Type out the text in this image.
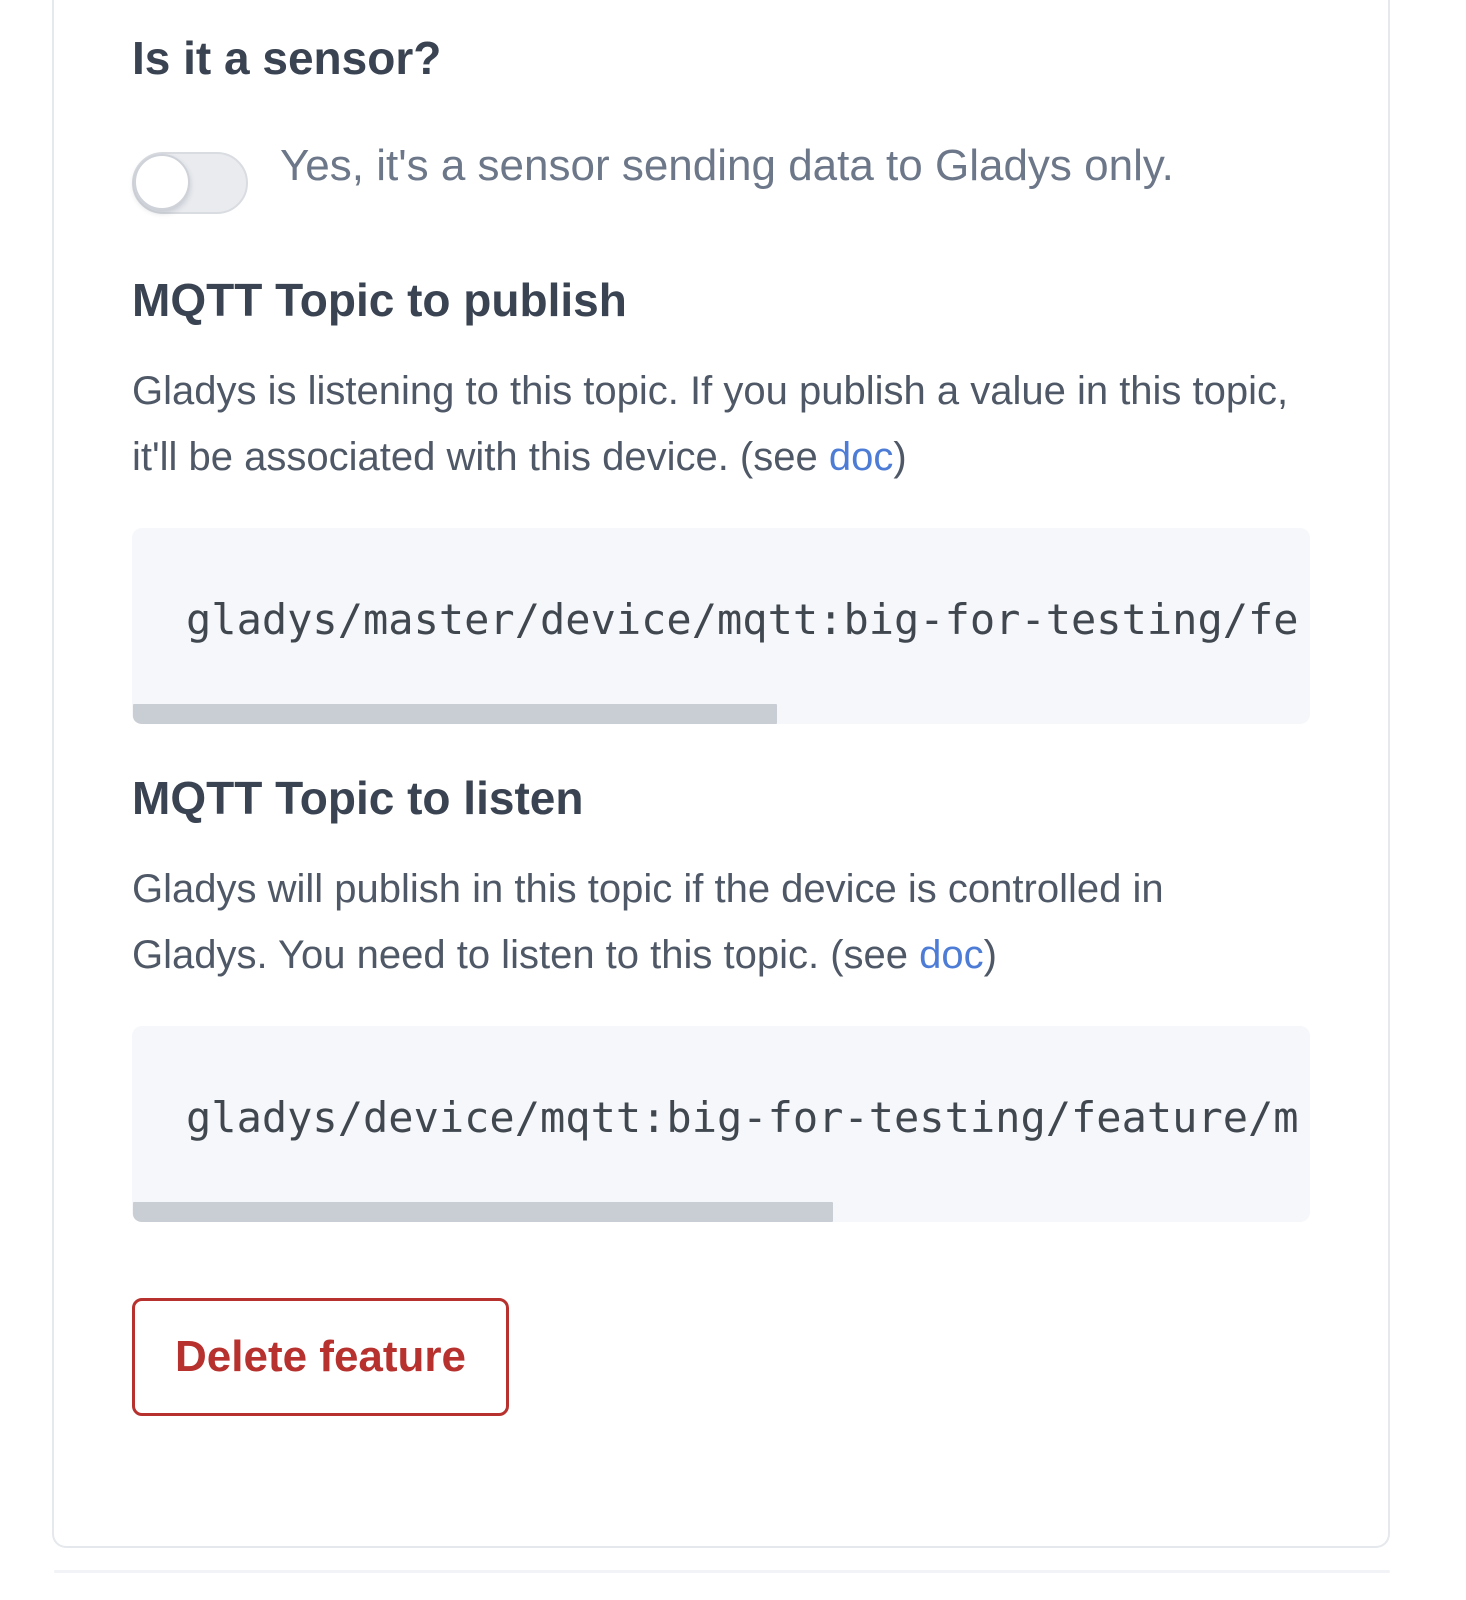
Is it a sensor?
Yes, it's a sensor sending data to Gladys only.
MQTT Topic to publish

Gladys is listening to this topic. If you publish a value in this topic, it'll be associated with this device. (see doc)

gladys/master/device/mqtt:big-for-testing/fe
MQTT Topic to listen

Gladys will publish in this topic if the device is controlled in Gladys. You need to listen to this topic. (see doc)

gladys/device/mqtt:big-for-testing/feature/m
Delete feature
